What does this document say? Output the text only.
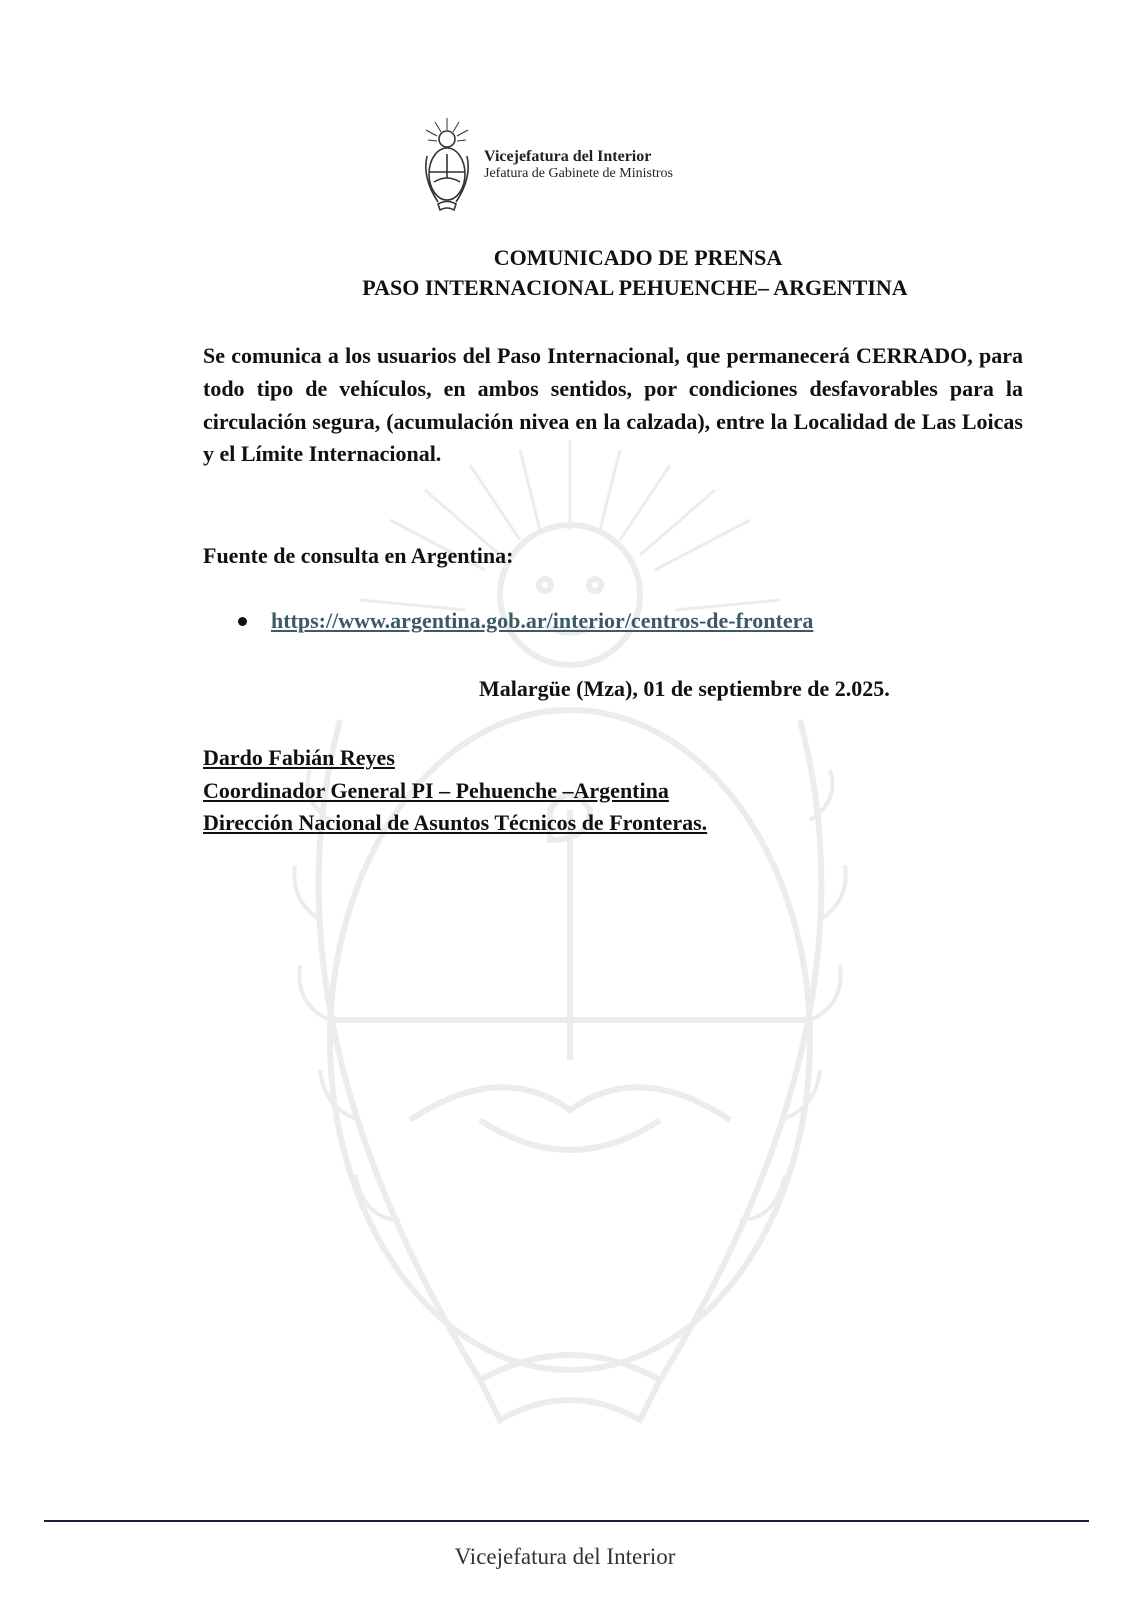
Vicejefatura del Interior
Jefatura de Gabinete de Ministros
COMUNICADO DE PRENSA
PASO INTERNACIONAL PEHUENCHE– ARGENTINA
Se comunica a los usuarios del Paso Internacional, que permanecerá CERRADO, para todo tipo de vehículos, en ambos sentidos, por condiciones desfavorables para la circulación segura, (acumulación nivea en la calzada), entre la Localidad de Las Loicas y el Límite Internacional.
Fuente de consulta en Argentina:
https://www.argentina.gob.ar/interior/centros-de-frontera
Malargüe (Mza), 01 de septiembre de 2.025.
Dardo Fabián Reyes
Coordinador General PI – Pehuenche –Argentina
Dirección Nacional de Asuntos Técnicos de Fronteras.
Vicejefatura del Interior
